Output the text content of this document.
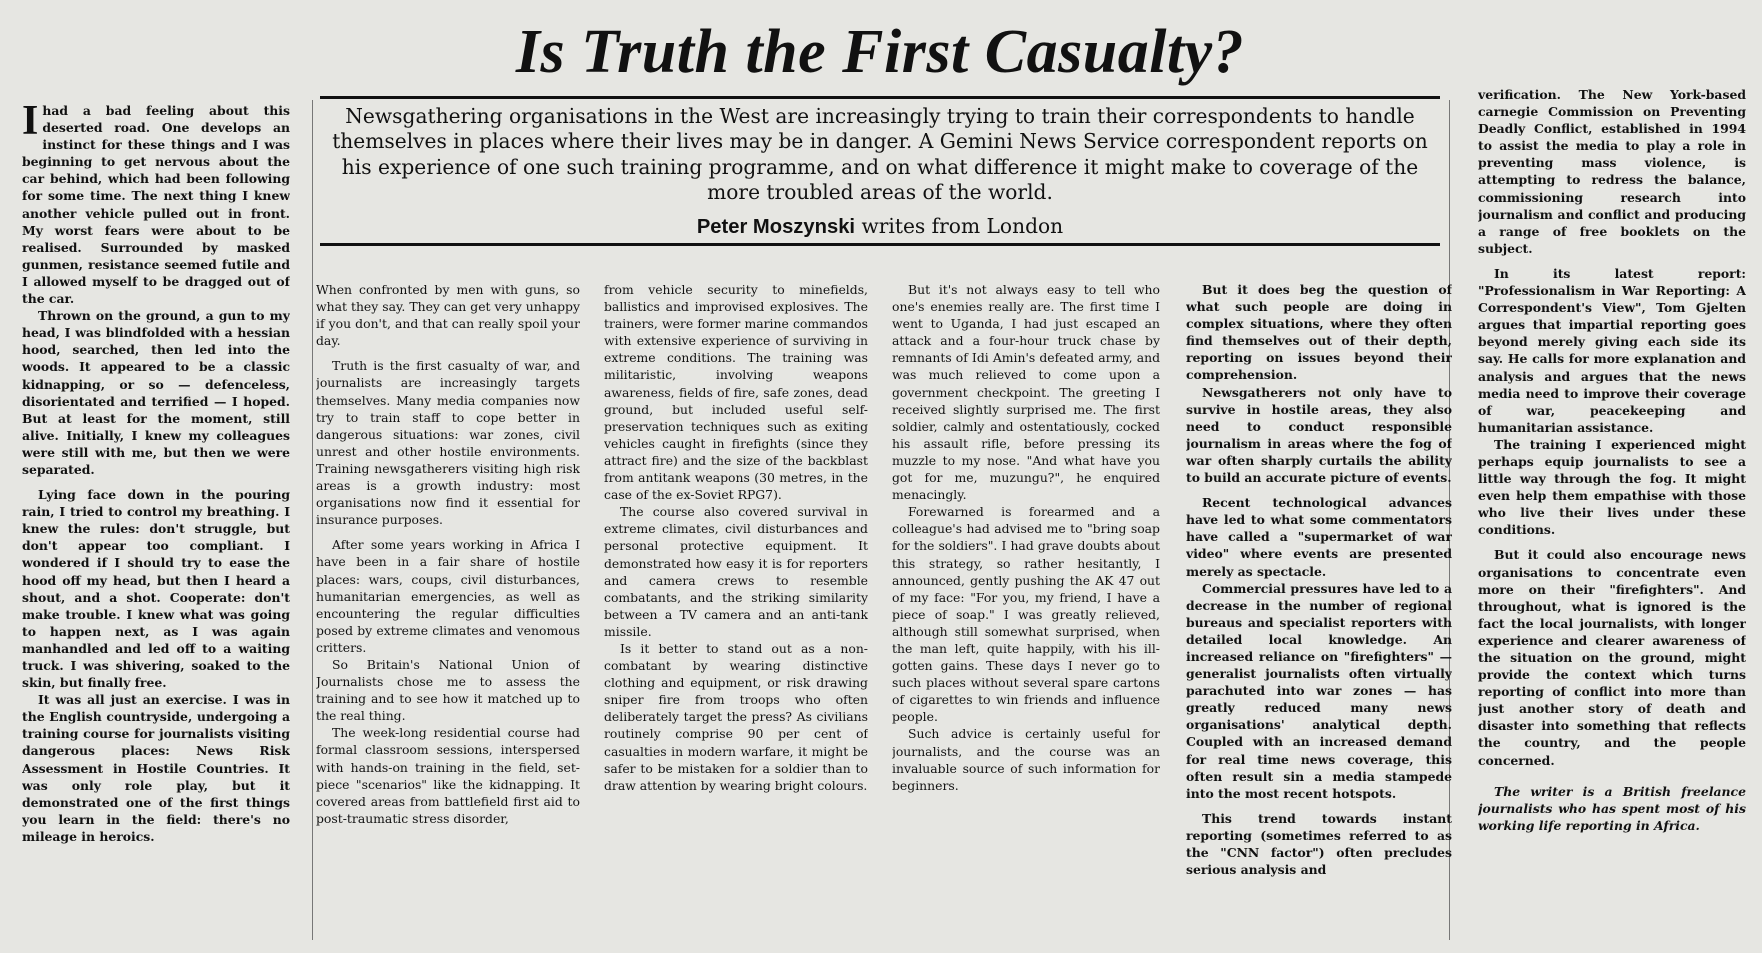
Is Truth the First Casualty?

Newsgathering organisations in the West are increasingly trying to train their correspondents to handle themselves in places where their lives may be in danger. A Gemini News Service correspondent reports on his experience of one such training programme, and on what difference it might make to coverage of the more troubled areas of the world.

Peter Moszynski writes from London

Ihad a bad feeling about this deserted road. One develops an instinct for these things and I was beginning to get nervous about the car behind, which had been following for some time. The next thing I knew another vehicle pulled out in front. My worst fears were about to be realised. Surrounded by masked gunmen, resistance seemed futile and I allowed myself to be dragged out of the car.

Thrown on the ground, a gun to my head, I was blindfolded with a hessian hood, searched, then led into the woods. It appeared to be a classic kidnapping, or so — defenceless, disorientated and terrified — I hoped. But at least for the moment, still alive. Initially, I knew my colleagues were still with me, but then we were separated.

Lying face down in the pouring rain, I tried to control my breathing. I knew the rules: don't struggle, but don't appear too compliant. I wondered if I should try to ease the hood off my head, but then I heard a shout, and a shot. Cooperate: don't make trouble. I knew what was going to happen next, as I was again manhandled and led off to a waiting truck. I was shivering, soaked to the skin, but finally free.

It was all just an exercise. I was in the English countryside, undergoing a training course for journalists visiting dangerous places: News Risk Assessment in Hostile Countries. It was only role play, but it demonstrated one of the first things you learn in the field: there's no mileage in heroics.

When confronted by men with guns, so what they say. They can get very unhappy if you don't, and that can really spoil your day.

Truth is the first casualty of war, and journalists are increasingly targets themselves. Many media companies now try to train staff to cope better in dangerous situations: war zones, civil unrest and other hostile environments. Training newsgatherers visiting high risk areas is a growth industry: most organisations now find it essential for insurance purposes.

After some years working in Africa I have been in a fair share of hostile places: wars, coups, civil disturbances, humanitarian emergencies, as well as encountering the regular difficulties posed by extreme climates and venomous critters.

So Britain's National Union of Journalists chose me to assess the training and to see how it matched up to the real thing.

The week-long residential course had formal classroom sessions, interspersed with hands-on training in the field, set-piece "scenarios" like the kidnapping. It covered areas from battlefield first aid to post-traumatic stress disorder,

from vehicle security to minefields, ballistics and improvised explosives. The trainers, were former marine commandos with extensive experience of surviving in extreme conditions. The training was militaristic, involving weapons awareness, fields of fire, safe zones, dead ground, but included useful self-preservation techniques such as exiting vehicles caught in firefights (since they attract fire) and the size of the backblast from antitank weapons (30 metres, in the case of the ex-Soviet RPG7).

The course also covered survival in extreme climates, civil disturbances and personal protective equipment. It demonstrated how easy it is for reporters and camera crews to resemble combatants, and the striking similarity between a TV camera and an anti-tank missile.

Is it better to stand out as a non-combatant by wearing distinctive clothing and equipment, or risk drawing sniper fire from troops who often deliberately target the press? As civilians routinely comprise 90 per cent of casualties in modern warfare, it might be safer to be mistaken for a soldier than to draw attention by wearing bright colours.

But it's not always easy to tell who one's enemies really are. The first time I went to Uganda, I had just escaped an attack and a four-hour truck chase by remnants of Idi Amin's defeated army, and was much relieved to come upon a government checkpoint. The greeting I received slightly surprised me. The first soldier, calmly and ostentatiously, cocked his assault rifle, before pressing its muzzle to my nose. "And what have you got for me, muzungu?", he enquired menacingly.

Forewarned is forearmed and a colleague's had advised me to "bring soap for the soldiers". I had grave doubts about this strategy, so rather hesitantly, I announced, gently pushing the AK 47 out of my face: "For you, my friend, I have a piece of soap." I was greatly relieved, although still somewhat surprised, when the man left, quite happily, with his ill-gotten gains. These days I never go to such places without several spare cartons of cigarettes to win friends and influence people.

Such advice is certainly useful for journalists, and the course was an invaluable source of such information for beginners.

But it does beg the question of what such people are doing in complex situations, where they often find themselves out of their depth, reporting on issues beyond their comprehension.

Newsgatherers not only have to survive in hostile areas, they also need to conduct responsible journalism in areas where the fog of war often sharply curtails the ability to build an accurate picture of events.

Recent technological advances have led to what some commentators have called a "supermarket of war video" where events are presented merely as spectacle.

Commercial pressures have led to a decrease in the number of regional bureaus and specialist reporters with detailed local knowledge. An increased reliance on "firefighters" — generalist journalists often virtually parachuted into war zones — has greatly reduced many news organisations' analytical depth. Coupled with an increased demand for real time news coverage, this often result sin a media stampede into the most recent hotspots.

This trend towards instant reporting (sometimes referred to as the "CNN factor") often precludes serious analysis and

verification. The New York-based carnegie Commission on Preventing Deadly Conflict, established in 1994 to assist the media to play a role in preventing mass violence, is attempting to redress the balance, commissioning research into journalism and conflict and producing a range of free booklets on the subject.

In its latest report: "Professionalism in War Reporting: A Correspondent's View", Tom Gjelten argues that impartial reporting goes beyond merely giving each side its say. He calls for more explanation and analysis and argues that the news media need to improve their coverage of war, peacekeeping and humanitarian assistance.

The training I experienced might perhaps equip journalists to see a little way through the fog. It might even help them empathise with those who live their lives under these conditions.

But it could also encourage news organisations to concentrate even more on their "firefighters". And throughout, what is ignored is the fact the local journalists, with longer experience and clearer awareness of the situation on the ground, might provide the context which turns reporting of conflict into more than just another story of death and disaster into something that reflects the country, and the people concerned.

The writer is a British freelance journalists who has spent most of his working life reporting in Africa.
